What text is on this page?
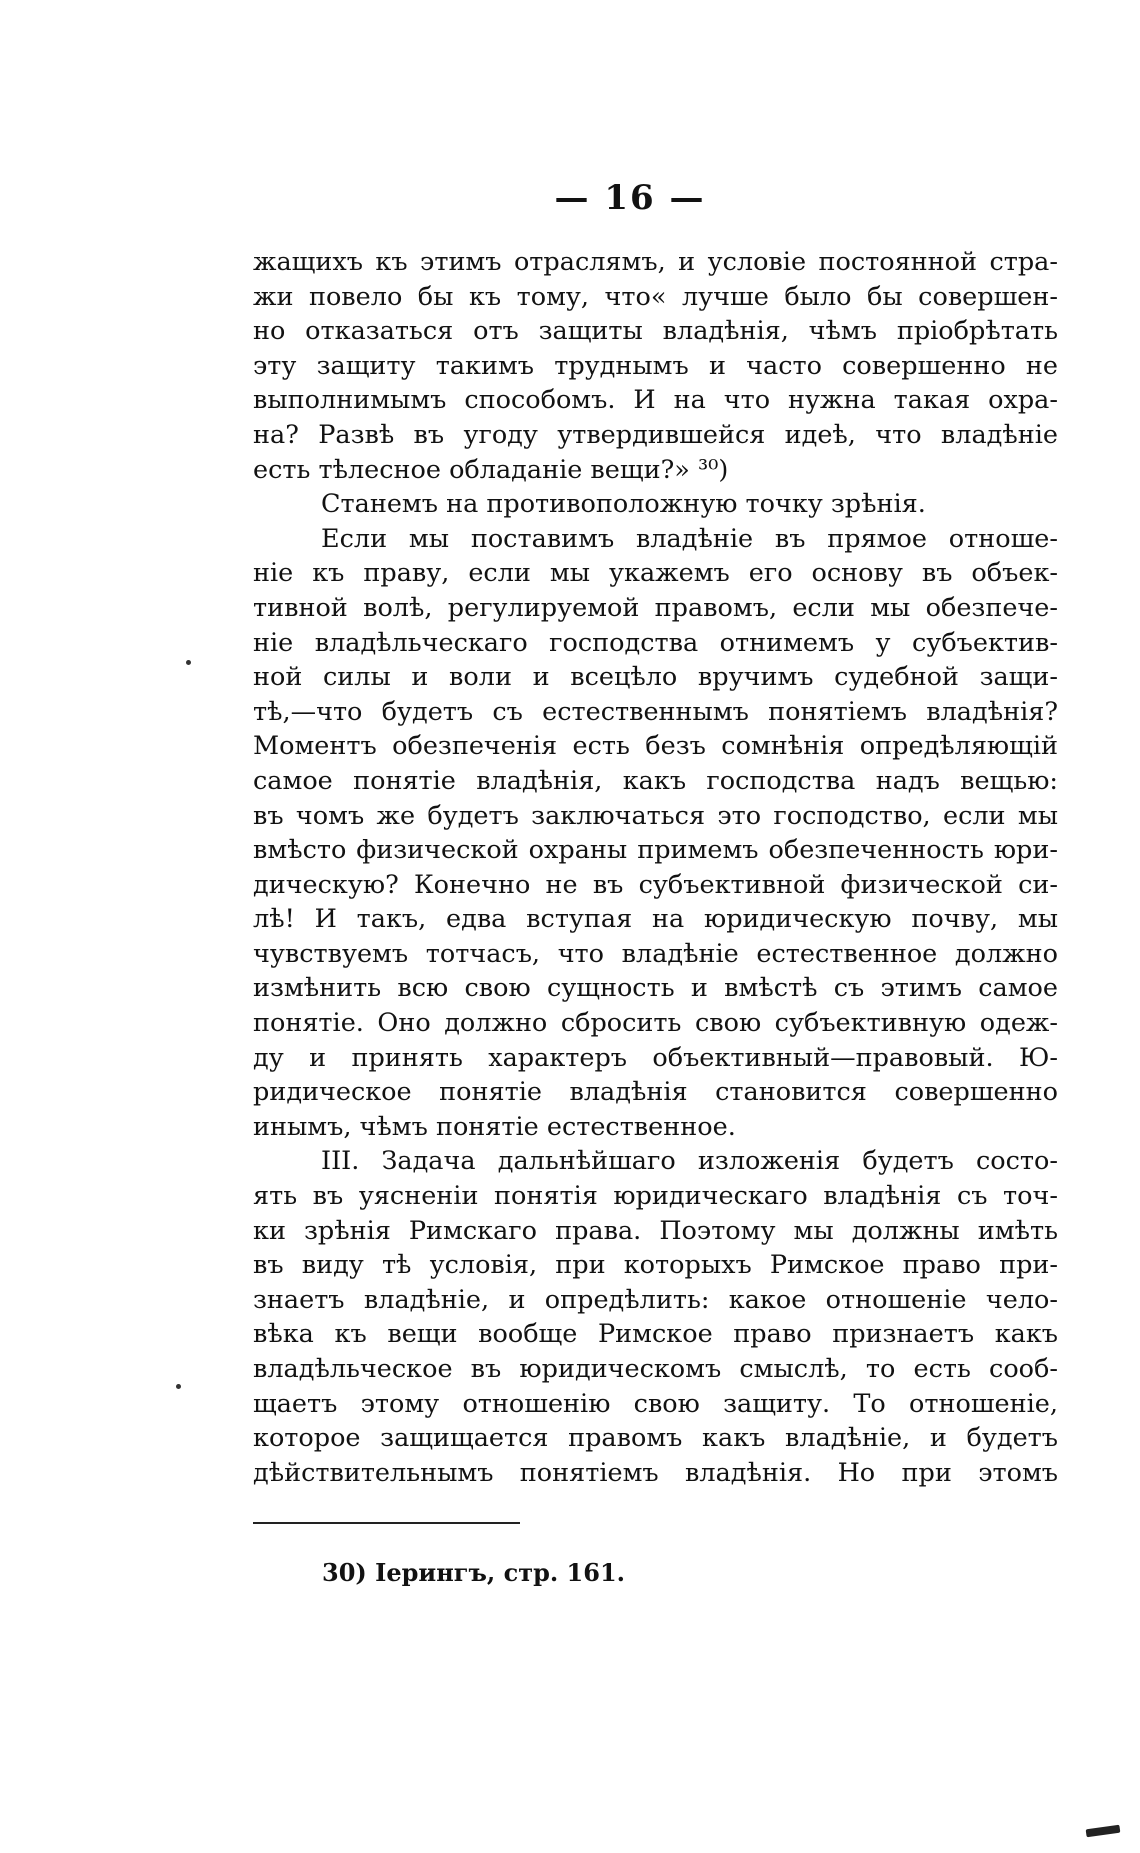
— 16 —
жащихъ къ этимъ отраслямъ, и условіе постоянной стра-
жи повело бы къ тому, что« лучше было бы совершен-
но отказаться отъ защиты владѣнія, чѣмъ пріобрѣтать
эту защиту такимъ труднымъ и часто совершенно не
выполнимымъ способомъ. И на что нужна такая охра-
на? Развѣ въ угоду утвердившейся идеѣ, что владѣніе
есть тѣлесное обладаніе вещи?» ³⁰)
Станемъ на противоположную точку зрѣнія.
Если мы поставимъ владѣніе въ прямое отноше-
ніе къ праву, если мы укажемъ его основу въ объек-
тивной волѣ, регулируемой правомъ, если мы обезпече-
ніе владѣльческаго господства отнимемъ у субъектив-
ной силы и воли и всецѣло вручимъ судебной защи-
тѣ,—что будетъ съ естественнымъ понятіемъ владѣнія?
Моментъ обезпеченія есть безъ сомнѣнія опредѣляющій
самое понятіе владѣнія, какъ господства надъ вещью:
въ чомъ же будетъ заключаться это господство, если мы
вмѣсто физической охраны примемъ обезпеченность юри-
дическую? Конечно не въ субъективной физической си-
лѣ! И такъ, едва вступая на юридическую почву, мы
чувствуемъ тотчасъ, что владѣніе естественное должно
измѣнить всю свою сущность и вмѣстѣ съ этимъ самое
понятіе. Оно должно сбросить свою субъективную одеж-
ду и принять характеръ объективный—правовый. Ю-
ридическое понятіе владѣнія становится совершенно
инымъ, чѣмъ понятіе естественное.
III. Задача дальнѣйшаго изложенія будетъ состо-
ять въ уясненіи понятія юридическаго владѣнія съ точ-
ки зрѣнія Римскаго права. Поэтому мы должны имѣть
въ виду тѣ условія, при которыхъ Римское право при-
знаетъ владѣніе, и опредѣлить: какое отношеніе чело-
вѣка къ вещи вообще Римское право признаетъ какъ
владѣльческое въ юридическомъ смыслѣ, то есть сооб-
щаетъ этому отношенію свою защиту. То отношеніе,
которое защищается правомъ какъ владѣніе, и будетъ
дѣйствительнымъ понятіемъ владѣнія. Но при этомъ
30) Іерингъ, стр. 161.
